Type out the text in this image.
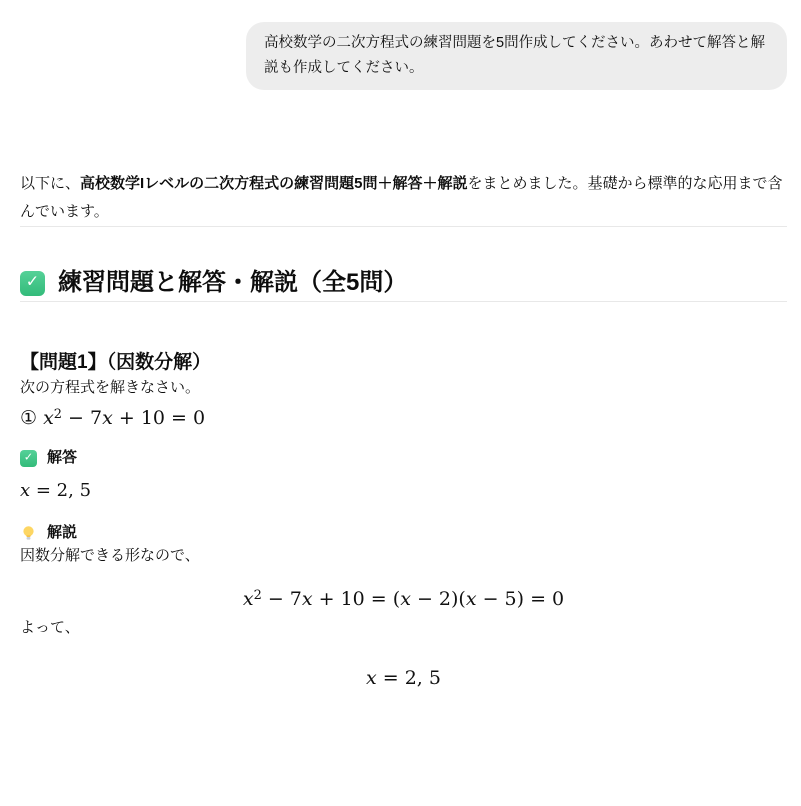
高校数学の二次方程式の練習問題を5問作成してください。あわせて解答と解説も作成してください。

以下に、高校数学Iレベルの二次方程式の練習問題5問＋解答＋解説をまとめました。基礎から標準的な応用まで含んでいます。

✓ 練習問題と解答・解説（全5問）
【問題1】（因数分解）

次の方程式を解きなさい。

① $x^2 - 7x + 10 = 0$

✓ 解答

x = 2, 5

解説

因数分解できる形なので、

$x^2 - 7x + 10 = (x - 2)(x - 5) = 0$

よって、

x = 2, 5
